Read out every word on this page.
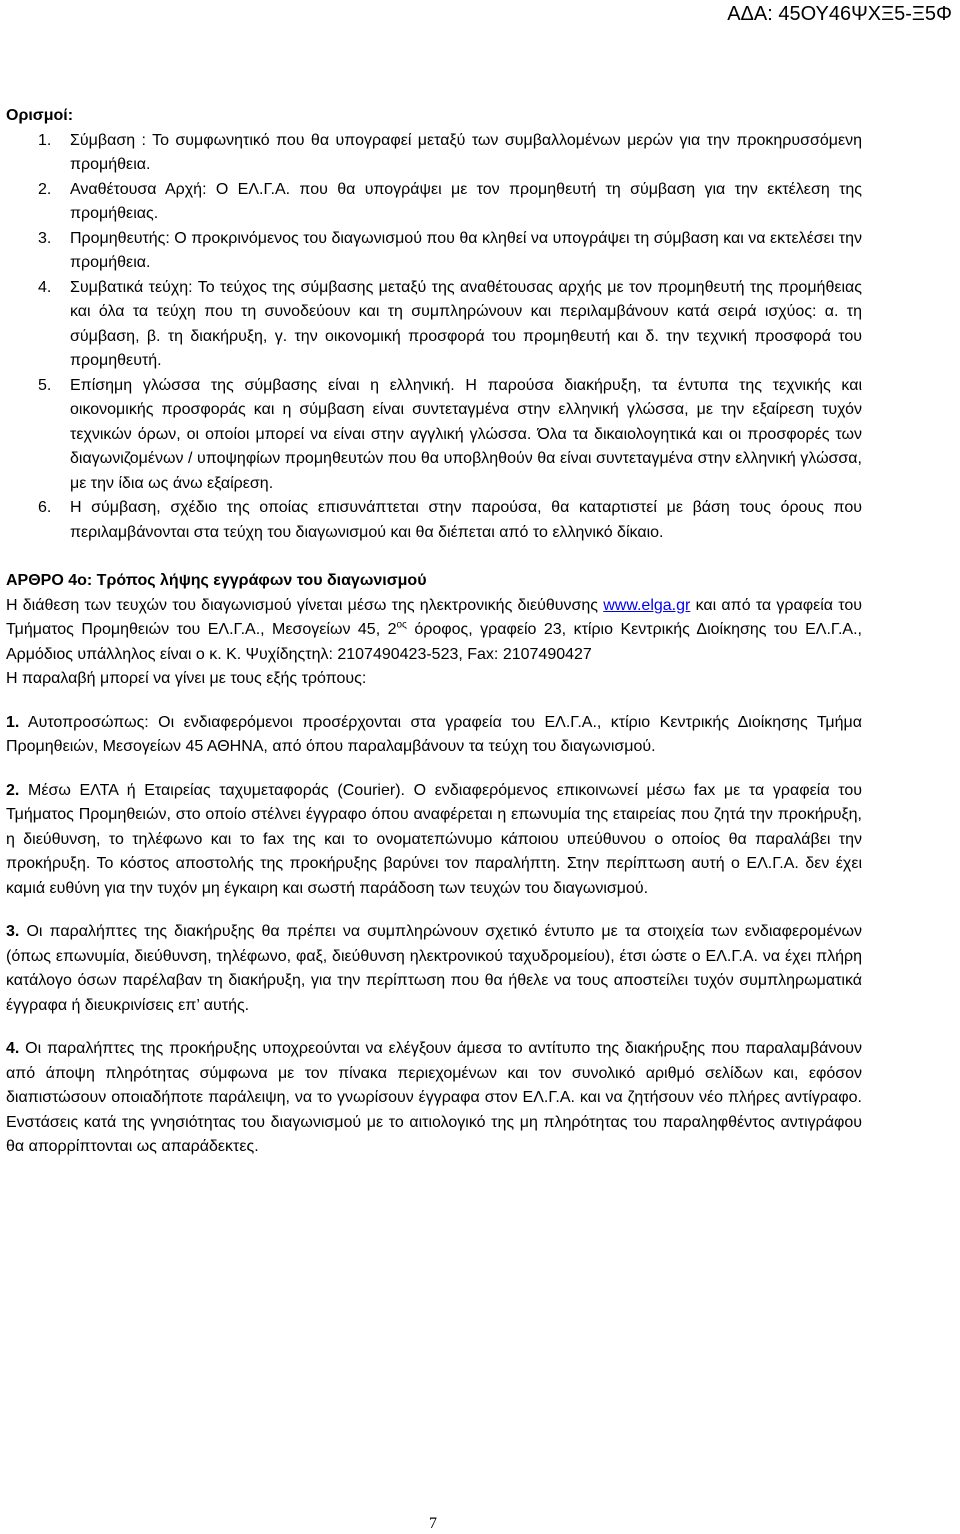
ΑΔΑ: 45ΟΥ46ΨΧΞ5-Ξ5Φ
Ορισμοί:
1. Σύμβαση : Το συμφωνητικό που θα υπογραφεί μεταξύ των συμβαλλομένων μερών για την προκηρυσσόμενη προμήθεια.
2. Αναθέτουσα Αρχή: Ο ΕΛ.Γ.Α. που θα υπογράψει με τον προμηθευτή τη σύμβαση για την εκτέλεση της προμήθειας.
3. Προμηθευτής: Ο προκρινόμενος του διαγωνισμού που θα κληθεί να υπογράψει τη σύμβαση και να εκτελέσει την προμήθεια.
4. Συμβατικά τεύχη: Το τεύχος της σύμβασης μεταξύ της αναθέτουσας αρχής με τον προμηθευτή της προμήθειας και όλα τα τεύχη που τη συνοδεύουν και τη συμπληρώνουν και περιλαμβάνουν κατά σειρά ισχύος: α. τη σύμβαση, β. τη διακήρυξη, γ. την οικονομική προσφορά του προμηθευτή και δ. την τεχνική προσφορά του προμηθευτή.
5. Επίσημη γλώσσα της σύμβασης είναι η ελληνική. Η παρούσα διακήρυξη, τα έντυπα της τεχνικής και οικονομικής προσφοράς και η σύμβαση είναι συντεταγμένα στην ελληνική γλώσσα, με την εξαίρεση τυχόν τεχνικών όρων, οι οποίοι μπορεί να είναι στην αγγλική γλώσσα. Όλα τα δικαιολογητικά και οι προσφορές των διαγωνιζομένων / υποψηφίων προμηθευτών που θα υποβληθούν θα είναι συντεταγμένα στην ελληνική γλώσσα, με την ίδια ως άνω εξαίρεση.
6. Η σύμβαση, σχέδιο της οποίας επισυνάπτεται στην παρούσα, θα καταρτιστεί με βάση τους όρους που περιλαμβάνονται στα τεύχη του διαγωνισμού και θα διέπεται από το ελληνικό δίκαιο.
ΑΡΘΡΟ 4ο: Τρόπος λήψης εγγράφων του διαγωνισμού
Η διάθεση των τευχών του διαγωνισμού γίνεται μέσω της ηλεκτρονικής διεύθυνσης www.elga.gr και από τα γραφεία του Τμήματος Προμηθειών του ΕΛ.Γ.Α., Μεσογείων 45, $2^{o\varsigma}$ όροφος, γραφείο 23, κτίριο Κεντρικής Διοίκησης του ΕΛ.Γ.Α., Αρμόδιος υπάλληλος είναι ο κ. Κ. Ψυχίδηςτηλ: 2107490423-523, Fax: 2107490427
Η παραλαβή μπορεί να γίνει με τους εξής τρόπους:
1. Αυτοπροσώπως: Οι ενδιαφερόμενοι προσέρχονται στα γραφεία του ΕΛ.Γ.Α., κτίριο Κεντρικής Διοίκησης Τμήμα Προμηθειών, Μεσογείων 45 ΑΘΗΝΑ, από όπου παραλαμβάνουν τα τεύχη του διαγωνισμού.
2. Μέσω ΕΛΤΑ ή Εταιρείας ταχυμεταφοράς (Courier). Ο ενδιαφερόμενος επικοινωνεί μέσω fax με τα γραφεία του Τμήματος Προμηθειών, στο οποίο στέλνει έγγραφο όπου αναφέρεται η επωνυμία της εταιρείας που ζητά την προκήρυξη, η διεύθυνση, το τηλέφωνο και το fax της και το ονοματεπώνυμο κάποιου υπεύθυνου ο οποίος θα παραλάβει την προκήρυξη. Το κόστος αποστολής της προκήρυξης βαρύνει τον παραλήπτη. Στην περίπτωση αυτή ο ΕΛ.Γ.Α. δεν έχει καμιά ευθύνη για την τυχόν μη έγκαιρη και σωστή παράδοση των τευχών του διαγωνισμού.
3. Οι παραλήπτες της διακήρυξης θα πρέπει να συμπληρώνουν σχετικό έντυπο με τα στοιχεία των ενδιαφερομένων (όπως επωνυμία, διεύθυνση, τηλέφωνο, φαξ, διεύθυνση ηλεκτρονικού ταχυδρομείου), έτσι ώστε ο ΕΛ.Γ.Α. να έχει πλήρη κατάλογο όσων παρέλαβαν τη διακήρυξη, για την περίπτωση που θα ήθελε να τους αποστείλει τυχόν συμπληρωματικά έγγραφα ή διευκρινίσεις επ’ αυτής.
4. Οι παραλήπτες της προκήρυξης υποχρεούνται να ελέγξουν άμεσα το αντίτυπο της διακήρυξης που παραλαμβάνουν από άποψη πληρότητας σύμφωνα με τον πίνακα περιεχομένων και τον συνολικό αριθμό σελίδων και, εφόσον διαπιστώσουν οποιαδήποτε παράλειψη, να το γνωρίσουν έγγραφα στον ΕΛ.Γ.Α. και να ζητήσουν νέο πλήρες αντίγραφο. Ενστάσεις κατά της γνησιότητας του διαγωνισμού με το αιτιολογικό της μη πληρότητας του παραληφθέντος αντιγράφου θα απορρίπτονται ως απαράδεκτες.
7
